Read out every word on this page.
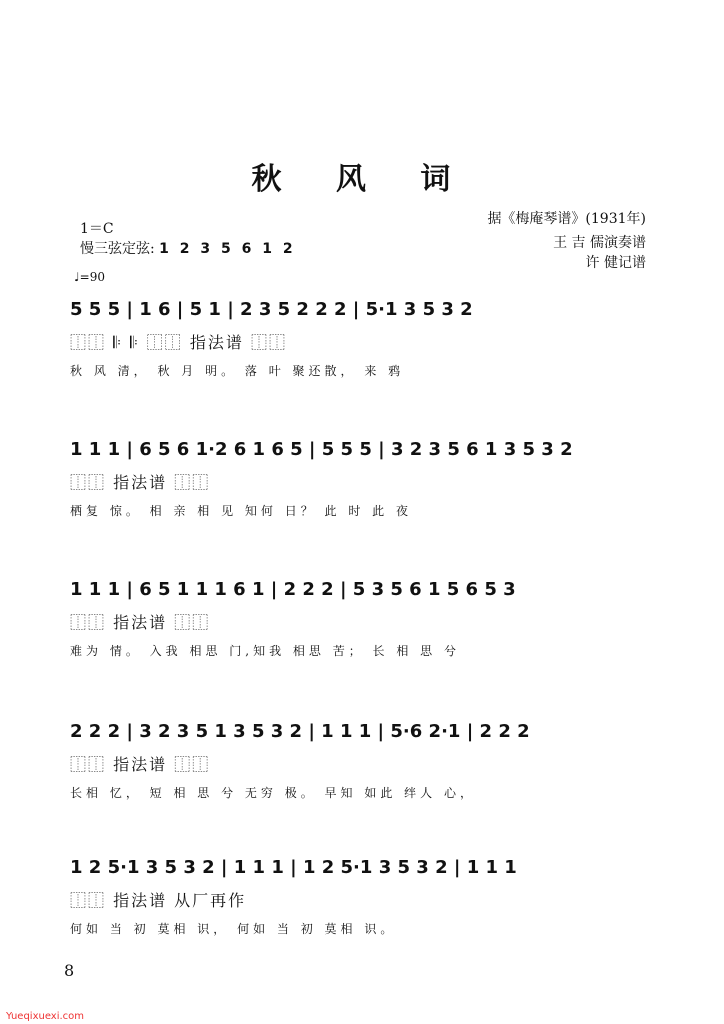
秋 风 词
1＝C
慢三弦定弦: 1 2 3 5 6 1 2
♩=90
据《梅庵琴谱》(1931年)
王 吉 儒演奏谱
许 健记谱
5 5 5 | 1 6 | 5 1 | 2 3 5 2 2 2 | 5·1 3 5 3 2
⿰⿰ 𝄆 𝄆 ⿰⿰ 指法谱 ⿰⿰
秋 风 清， 秋 月 明。 落 叶 聚还散， 来 鸦
1 1 1 | 6 5 6 1·2 6 1 6 5 | 5 5 5 | 3 2 3 5 6 1 3 5 3 2
⿰⿰ 指法谱 ⿰⿰
栖复 惊。 相 亲 相 见 知何 日？ 此 时 此 夜
1 1 1 | 6 5 1 1 1 6 1 | 2 2 2 | 5 3 5 6 1 5 6 5 3
⿰⿰ 指法谱 ⿰⿰
难为 情。 入我 相思 门,知我 相思 苦； 长 相 思 兮
2 2 2 | 3 2 3 5 1 3 5 3 2 | 1 1 1 | 5·6 2·1 | 2 2 2
⿰⿰ 指法谱 ⿰⿰
长相 忆， 短 相 思 兮 无穷 极。 早知 如此 绊人 心，
1 2 5·1 3 5 3 2 | 1 1 1 | 1 2 5·1 3 5 3 2 | 1 1 1
⿰⿰ 指法谱 从厂再作
何如 当 初 莫相 识， 何如 当 初 莫相 识。
8
Yueqixuexi.com
